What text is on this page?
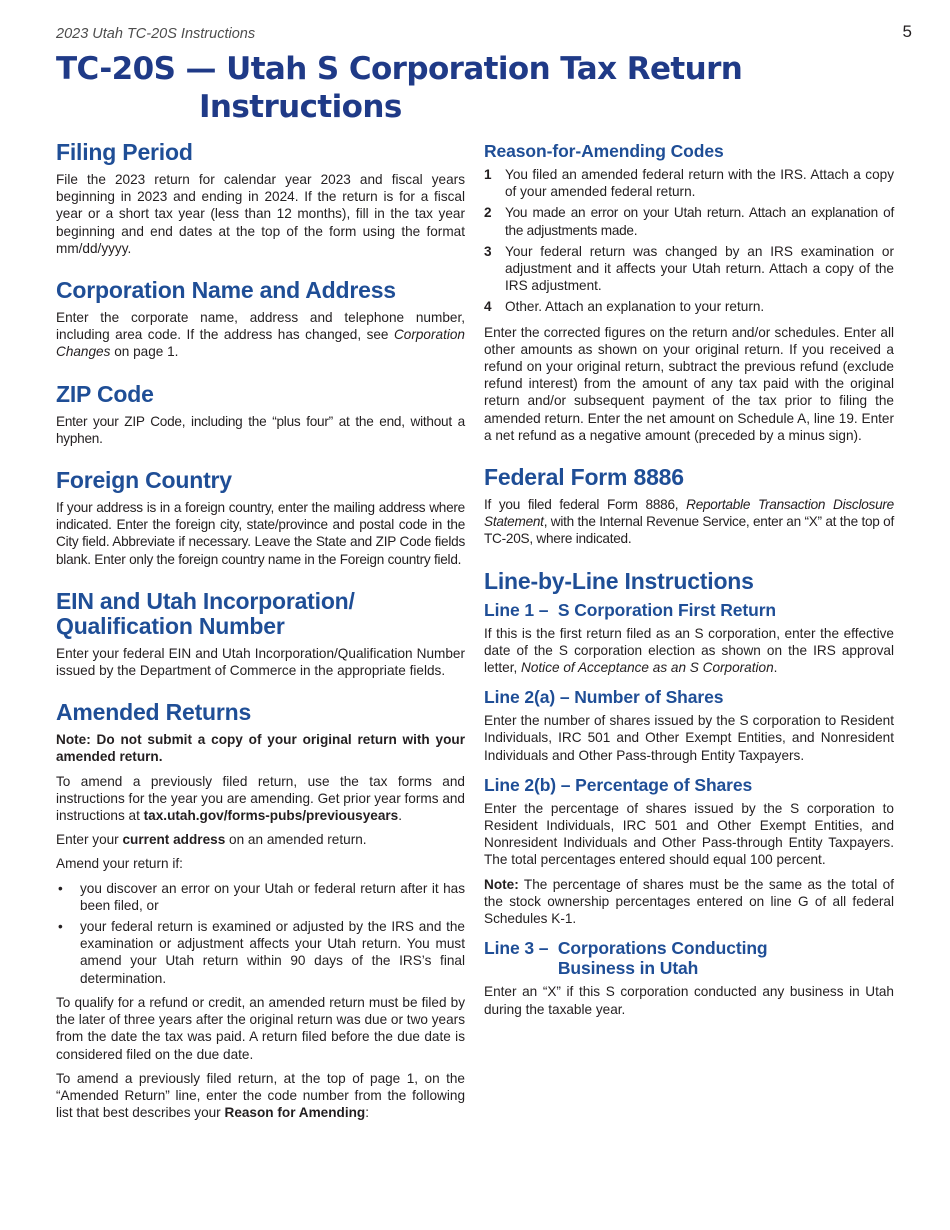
2023 Utah TC-20S Instructions	5
TC-20S — Utah S Corporation Tax Return
Instructions
Filing Period

File the 2023 return for calendar year 2023 and fiscal years beginning in 2023 and ending in 2024. If the return is for a fiscal year or a short tax year (less than 12 months), fill in the tax year beginning and end dates at the top of the form using the format mm/dd/yyyy.

Corporation Name and Address

Enter the corporate name, address and telephone number, including area code. If the address has changed, see Corporation Changes on page 1.

ZIP Code

Enter your ZIP Code, including the “plus four” at the end, without a hyphen.

Foreign Country

If your address is in a foreign country, enter the mailing address where indicated. Enter the foreign city, state/province and postal code in the City field. Abbreviate if necessary. Leave the State and ZIP Code fields blank. Enter only the foreign country name in the Foreign country field.

EIN and Utah Incorporation/
Qualification Number

Enter your federal EIN and Utah Incorporation/Qualification Number issued by the Department of Commerce in the appropriate fields.

Amended Returns

Note: Do not submit a copy of your original return with your amended return.

To amend a previously filed return, use the tax forms and instructions for the year you are amending. Get prior year forms and instructions at tax.utah.gov/forms-pubs/previousyears.

Enter your current address on an amended return.

Amend your return if:

•	you discover an error on your Utah or federal return after it has been filed, or
•	your federal return is examined or adjusted by the IRS and the examination or adjustment affects your Utah return. You must amend your Utah return within 90 days of the IRS’s final determination.

To qualify for a refund or credit, an amended return must be filed by the later of three years after the original return was due or two years from the date the tax was paid. A return filed before the due date is considered filed on the due date.

To amend a previously filed return, at the top of page 1, on the “Amended Return” line, enter the code number from the following list that best describes your Reason for Amending:

Reason-for-Amending Codes
1 You filed an amended federal return with the IRS. Attach a copy of your amended federal return.
2 You made an error on your Utah return. Attach an explanation of the adjustments made.
3 Your federal return was changed by an IRS examination or adjustment and it affects your Utah return. Attach a copy of the IRS adjustment.
4 Other. Attach an explanation to your return.

Enter the corrected figures on the return and/or schedules. Enter all other amounts as shown on your original return. If you received a refund on your original return, subtract the previous refund (exclude refund interest) from the amount of any tax paid with the original return and/or subsequent payment of the tax prior to filing the amended return. Enter the net amount on Schedule A, line 19. Enter a net refund as a negative amount (preceded by a minus sign).

Federal Form 8886

If you filed federal Form 8886, Reportable Transaction Disclosure Statement, with the Internal Revenue Service, enter an “X” at the top of TC-20S, where indicated.

Line-by-Line Instructions
Line 1 – S Corporation First Return

If this is the first return filed as an S corporation, enter the effective date of the S corporation election as shown on the IRS approval letter, Notice of Acceptance as an S Corporation.

Line 2(a) – Number of Shares

Enter the number of shares issued by the S corporation to Resident Individuals, IRC 501 and Other Exempt Entities, and Nonresident Individuals and Other Pass-through Entity Taxpayers.

Line 2(b) – Percentage of Shares

Enter the percentage of shares issued by the S corporation to Resident Individuals, IRC 501 and Other Exempt Entities, and Nonresident Individuals and Other Pass-through Entity Taxpayers. The total percentages entered should equal 100 percent.

Note: The percentage of shares must be the same as the total of the stock ownership percentages entered on line G of all federal Schedules K-1.

Line 3 – Corporations Conducting
Business in Utah

Enter an “X” if this S corporation conducted any business in Utah during the taxable year.
